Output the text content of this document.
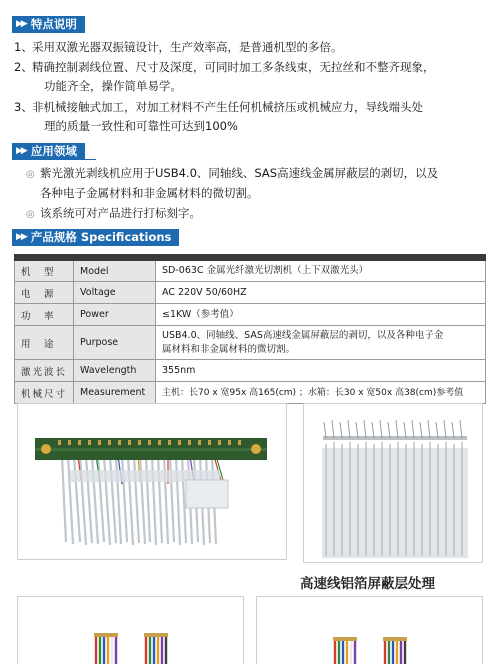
▶▶ 特点说明
1、采用双激光器双振镜设计，生产效率高，是普通机型的多倍。
2、精确控制剥线位置、尺寸及深度，可同时加工多条线束，无拉丝和不整齐现象，
功能齐全，操作简单易学。
3、非机械接触式加工，对加工材料不产生任何机械挤压或机械应力，导线端头处
理的质量一致性和可靠性可达到100%
▶▶ 应用领域
◎ 紫光激光剥线机应用于USB4.0、同轴线、SAS高速线金属屏蔽层的剥切，以及
各种电子金属材料和非金属材料的微切割。
◎ 该系统可对产品进行打标刻字。
▶▶ 产品规格 Specifications

机　型	Model	SD-063C 金属光纤激光切割机（上下双激光头）
电　源	Voltage	AC 220V 50/60HZ
功　率	Power	≤1KW（参考值）
用　途	Purpose	USB4.0、同轴线、SAS高速线金属屏蔽层的剥切，以及各种电子金属材料和非金属材料的微切割。
激光波长	Wavelength	355nm
机械尺寸	Measurement	主机：长70 x 宽95x 高165(cm) ；水箱：长30 x 宽50x 高38(cm)参考值
高速线铝箔屏蔽层处理
